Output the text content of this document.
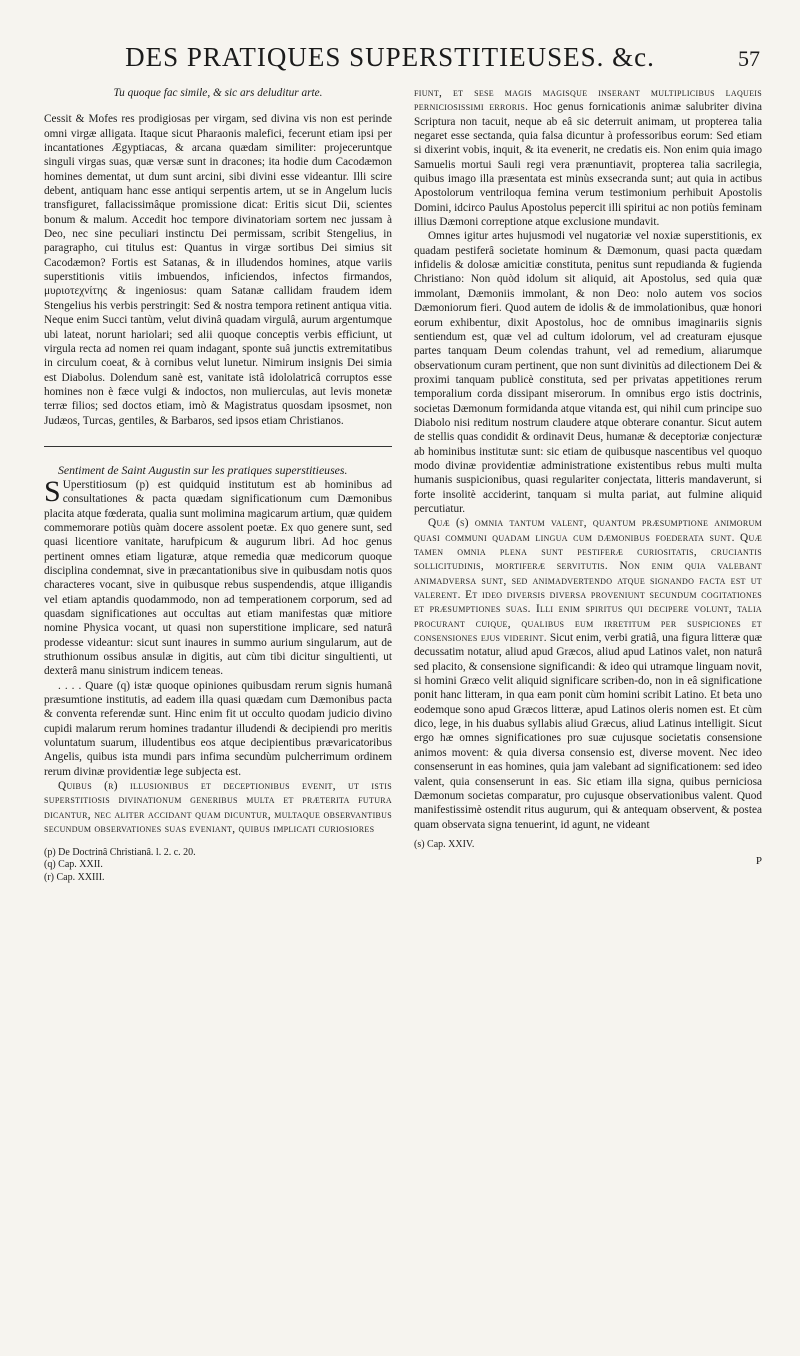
DES PRATIQUES SUPERSTITIEUSES. &c.	57

Tu quoque fac simile, & sic ars deluditur arte.

Cessit & Mofes res prodigiosas per virgam, sed divina vis non est perinde omni virgæ alligata. Itaque sicut Pharaonis malefici, fecerunt etiam ipsi per incantationes Ægyptiacas, & arcana quædam similiter: projeceruntque singuli virgas suas, quæ versæ sunt in dracones; ita hodie dum Cacodæmon homines dementat, ut dum sunt arcini, sibi divini esse videantur. Illi scire debent, antiquam hanc esse antiqui serpentis artem, ut se in Angelum lucis transfiguret, fallacissimâque promissione dicat: Eritis sicut Dii, scientes bonum & malum. Accedit hoc tempore divinatoriam sortem nec jussam à Deo, nec sine peculiari instinctu Dei permissam, scribit Stengelius, in paragrapho, cui titulus est: Quantus in virgæ sortibus Dei simius sit Cacodæmon? Fortis est Satanas, & in illudendos homines, atque variis superstitionis vitiis imbuendos, inficiendos, infectos firmandos, μυριοτεχνίτης & ingeniosus: quam Satanæ callidam fraudem idem Stengelius his verbis perstringit: Sed & nostra tempora retinent antiqua vitia. Neque enim Succi tantùm, velut divinâ quadam virgulâ, aurum argentumque ubi lateat, norunt hariolari; sed alii quoque conceptis verbis efficiunt, ut virgula recta ad nomen rei quam indagant, sponte suâ junctis extremitatibus in circulum coeat, & à cornibus velut lunetur. Nimirum insignis Dei simia est Diabolus. Dolendum sanè est, vanitate istâ idololatricâ corruptos esse homines non è fæce vulgi & indoctos, non mulierculas, aut levis monetæ terræ filios; sed doctos etiam, imò & Magistratus quosdam ipsosmet, non Judæos, Turcas, gentiles, & Barbaros, sed ipsos etiam Christianos.

Sentiment de Saint Augustin sur les pratiques superstitieuses.

S Uperstitiosum (p) est quidquid institutum est ab hominibus ad consultationes & pacta quædam significationum cum Dæmonibus placita atque fœderata, qualia sunt molimina magicarum artium, quæ quidem commemorare potiùs quàm docere assolent poetæ. Ex quo genere sunt, sed quasi licentiore vanitate, harufpicum & augurum libri. Ad hoc genus pertinent omnes etiam ligaturæ, atque remedia quæ medicorum quoque disciplina condemnat, sive in præcantationibus sive in quibusdam notis quos characteres vocant, sive in quibusque rebus suspendendis, atque illigandis vel etiam aptandis quodammodo, non ad temperationem corporum, sed ad quasdam significationes aut occultas aut etiam manifestas quæ mitiore nomine Physica vocant, ut quasi non superstitione implicare, sed naturâ prodesse videantur: sicut sunt inaures in summo aurium singularum, aut de struthionum ossibus ansulæ in digitis, aut cùm tibi dicitur singultienti, ut dexterâ manu sinistrum indicem teneas.

. . . . Quare (q) istæ quoque opiniones quibusdam rerum signis humanâ præsumtione institutis, ad eadem illa quasi quædam cum Dæmonibus pacta & conventa referendæ sunt. Hinc enim fit ut occulto quodam judicio divino cupidi malarum rerum homines tradantur illudendi & decipiendi pro meritis voluntatum suarum, illudentibus eos atque decipientibus prævaricatoribus Angelis, quibus ista mundi pars infima secundùm pulcherrimum ordinem rerum divinæ providentiæ lege subjecta est.

Quibus (r) illusionibus et deceptionibus evenit, ut istis superstitiosis divinationum generibus multa et præterita futura dicantur, nec aliter accidant quam dicuntur, multaque observantibus secundum observationes suas eveniant, quibus implicati curiosiores

(p) De Doctrinâ Christianâ. l. 2. c. 20.
(q) Cap. XXII.
(r) Cap. XXIII.

fiunt, et sese magis magisque inserant multiplicibus laqueis perniciosissimi erroris. Hoc genus fornicationis animæ salubriter divina Scriptura non tacuit, neque ab eâ sic deterruit animam, ut propterea talia negaret esse sectanda, quia falsa dicuntur à professoribus eorum: Sed etiam si dixerint vobis, inquit, & ita evenerit, ne credatis eis. Non enim quia imago Samuelis mortui Sauli regi vera prænuntiavit, propterea talia sacrilegia, quibus imago illa præsentata est minùs exsecranda sunt; aut quia in actibus Apostolorum ventriloqua femina verum testimonium perhibuit Apostolis Domini, idcirco Paulus Apostolus pepercit illi spiritui ac non potiùs feminam illius Dæmoni correptione atque exclusione mundavit.

Omnes igitur artes hujusmodi vel nugatoriæ vel noxiæ superstitionis, ex quadam pestiferâ societate hominum & Dæmonum, quasi pacta quædam infidelis & dolosæ amicitiæ constituta, penitus sunt repudianda & fugienda Christiano: Non quòd idolum sit aliquid, ait Apostolus, sed quia quæ immolant, Dæmoniis immolant, & non Deo: nolo autem vos socios Dæmoniorum fieri. Quod autem de idolis & de immolationibus, quæ honori eorum exhibentur, dixit Apostolus, hoc de omnibus imaginariis signis sentiendum est, quæ vel ad cultum idolorum, vel ad creaturam ejusque partes tanquam Deum colendas trahunt, vel ad remedium, aliarumque observationum curam pertinent, que non sunt divinitùs ad dilectionem Dei & proximi tanquam publicè constituta, sed per privatas appetitiones rerum temporalium corda dissipant miserorum. In omnibus ergo istis doctrinis, societas Dæmonum formidanda atque vitanda est, qui nihil cum principe suo Diabolo nisi reditum nostrum claudere atque obterare conantur. Sicut autem de stellis quas condidit & ordinavit Deus, humanæ & deceptoriæ conjecturæ ab hominibus institutæ sunt: sic etiam de quibusque nascentibus vel quoquo modo divinæ providentiæ administratione existentibus rebus multi multa humanis suspicionibus, quasi regulariter conjectata, litteris mandaverunt, si forte insolitè acciderint, tanquam si multa pariat, aut fulmine aliquid percutiatur.

Quæ (s) omnia tantum valent, quantum præsumptione animorum quasi communi quadam lingua cum dæmonibus foederata sunt. Quæ tamen omnia plena sunt pestiferæ curiositatis, cruciantis sollicitudinis, mortiferæ servitutis. Non enim quia valebant animadversa sunt, sed animadvertendo atque signando facta est ut valerent. Et ideo diversis diversa proveniunt secundum cogitationes et præsumptiones suas. Illi enim spiritus qui decipere volunt, talia procurant cuique, qualibus eum irretitum per suspiciones et consensiones ejus viderint. Sicut enim, verbi gratiâ, una figura litteræ quæ decussatim notatur, aliud apud Græcos, aliud apud Latinos valet, non naturâ sed placito, & consensione significandi: & ideo qui utramque linguam novit, si homini Græco velit aliquid significare scriben-do, non in eâ significatione ponit hanc litteram, in qua eam ponit cùm homini scribit Latino. Et beta uno eodemque sono apud Græcos litteræ, apud Latinos oleris nomen est. Et cùm dico, lege, in his duabus syllabis aliud Græcus, aliud Latinus intelligit. Sicut ergo hæ omnes significationes pro suæ cujusque societatis consensione animos movent: & quia diversa consensio est, diverse movent. Nec ideo consenserunt in eas homines, quia jam valebant ad significationem: sed ideo valent, quia consenserunt in eas. Sic etiam illa signa, quibus perniciosa Dæmonum societas comparatur, pro cujusque observationibus valent. Quod manifestissimè ostendit ritus augurum, qui & antequam observent, & postea quam observata signa tenuerint, id agunt, ne videant

(s) Cap. XXIV.
P
